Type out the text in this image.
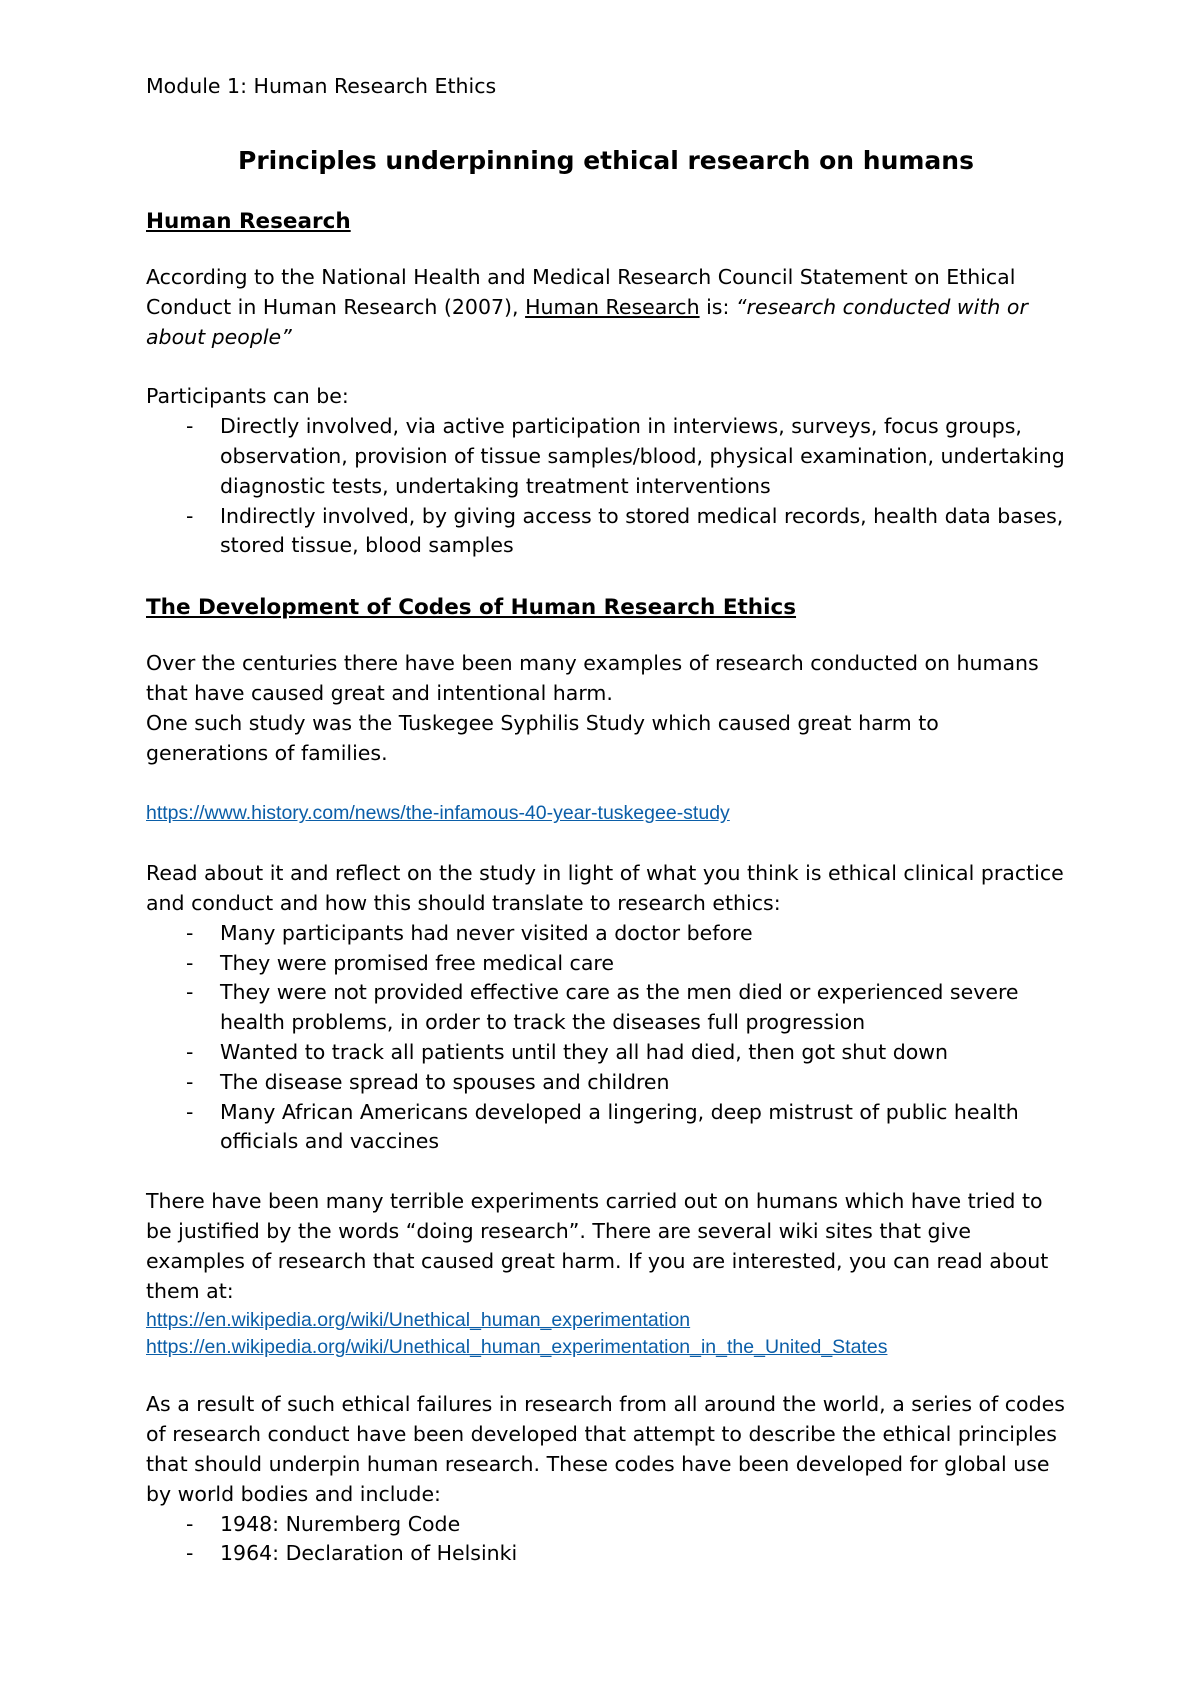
Module 1: Human Research Ethics

Principles underpinning ethical research on humans

Human Research

According to the National Health and Medical Research Council Statement on Ethical Conduct in Human Research (2007), Human Research is: “research conducted with or about people”

Participants can be:

- Directly involved, via active participation in interviews, surveys, focus groups, observation, provision of tissue samples/blood, physical examination, undertaking diagnostic tests, undertaking treatment interventions
- Indirectly involved, by giving access to stored medical records, health data bases, stored tissue, blood samples
The Development of Codes of Human Research Ethics

Over the centuries there have been many examples of research conducted on humans that have caused great and intentional harm.

One such study was the Tuskegee Syphilis Study which caused great harm to generations of families.

https://www.history.com/news/the-infamous-40-year-tuskegee-study

Read about it and reflect on the study in light of what you think is ethical clinical practice and conduct and how this should translate to research ethics:

- Many participants had never visited a doctor before
- They were promised free medical care
- They were not provided effective care as the men died or experienced severe health problems, in order to track the diseases full progression
- Wanted to track all patients until they all had died, then got shut down
- The disease spread to spouses and children
- Many African Americans developed a lingering, deep mistrust of public health officials and vaccines

There have been many terrible experiments carried out on humans which have tried to be justified by the words “doing research”. There are several wiki sites that give examples of research that caused great harm. If you are interested, you can read about them at:

https://en.wikipedia.org/wiki/Unethical_human_experimentation
https://en.wikipedia.org/wiki/Unethical_human_experimentation_in_the_United_States

As a result of such ethical failures in research from all around the world, a series of codes of research conduct have been developed that attempt to describe the ethical principles that should underpin human research. These codes have been developed for global use by world bodies and include:

- 1948: Nuremberg Code
- 1964: Declaration of Helsinki
